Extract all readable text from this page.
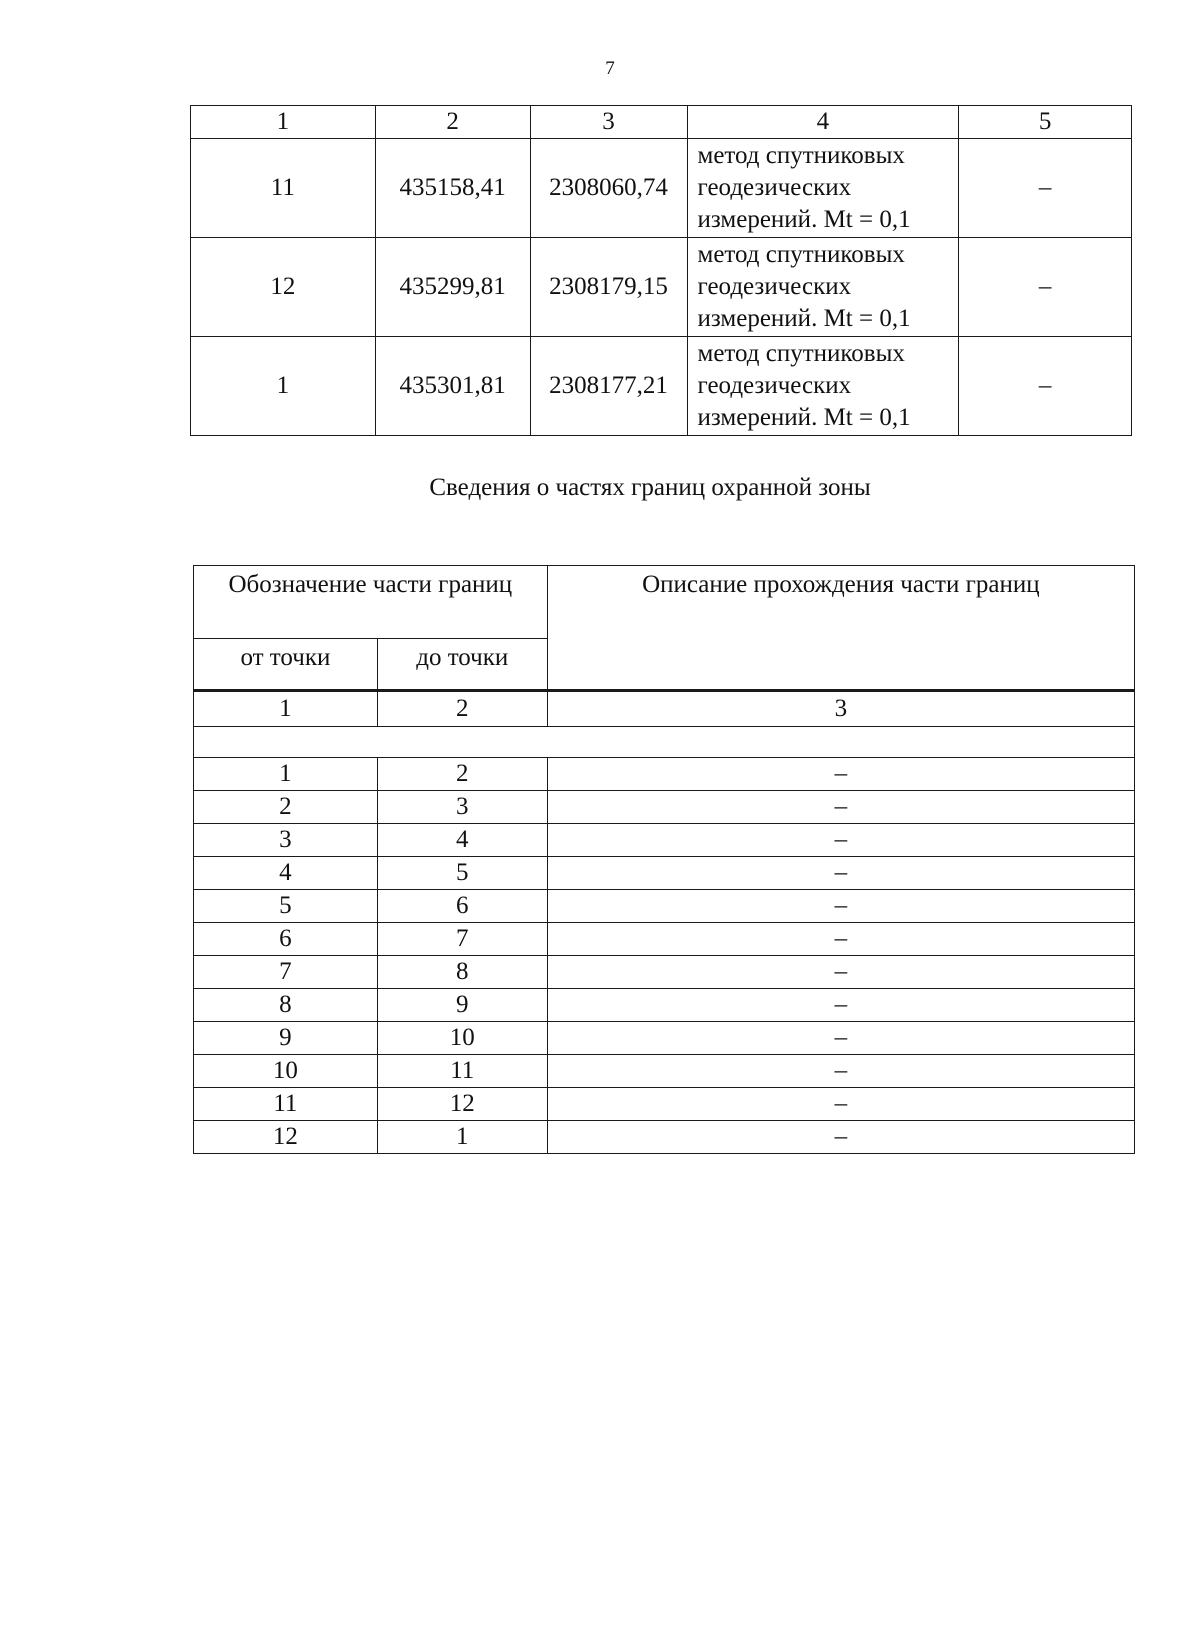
7
1	2	3	4	5
11	435158,41	2308060,74	метод спутниковых геодезических измерений. Mt = 0,1	–
12	435299,81	2308179,15	метод спутниковых геодезических измерений. Mt = 0,1	–
1	435301,81	2308177,21	метод спутниковых геодезических измерений. Mt = 0,1	–
Сведения о частях границ охранной зоны
Обозначение части границ		Описание прохождения части границ
от точки	до точки	
1	2	3

1	2	–
2	3	–
3	4	–
4	5	–
5	6	–
6	7	–
7	8	–
8	9	–
9	10	–
10	11	–
11	12	–
12	1	–
